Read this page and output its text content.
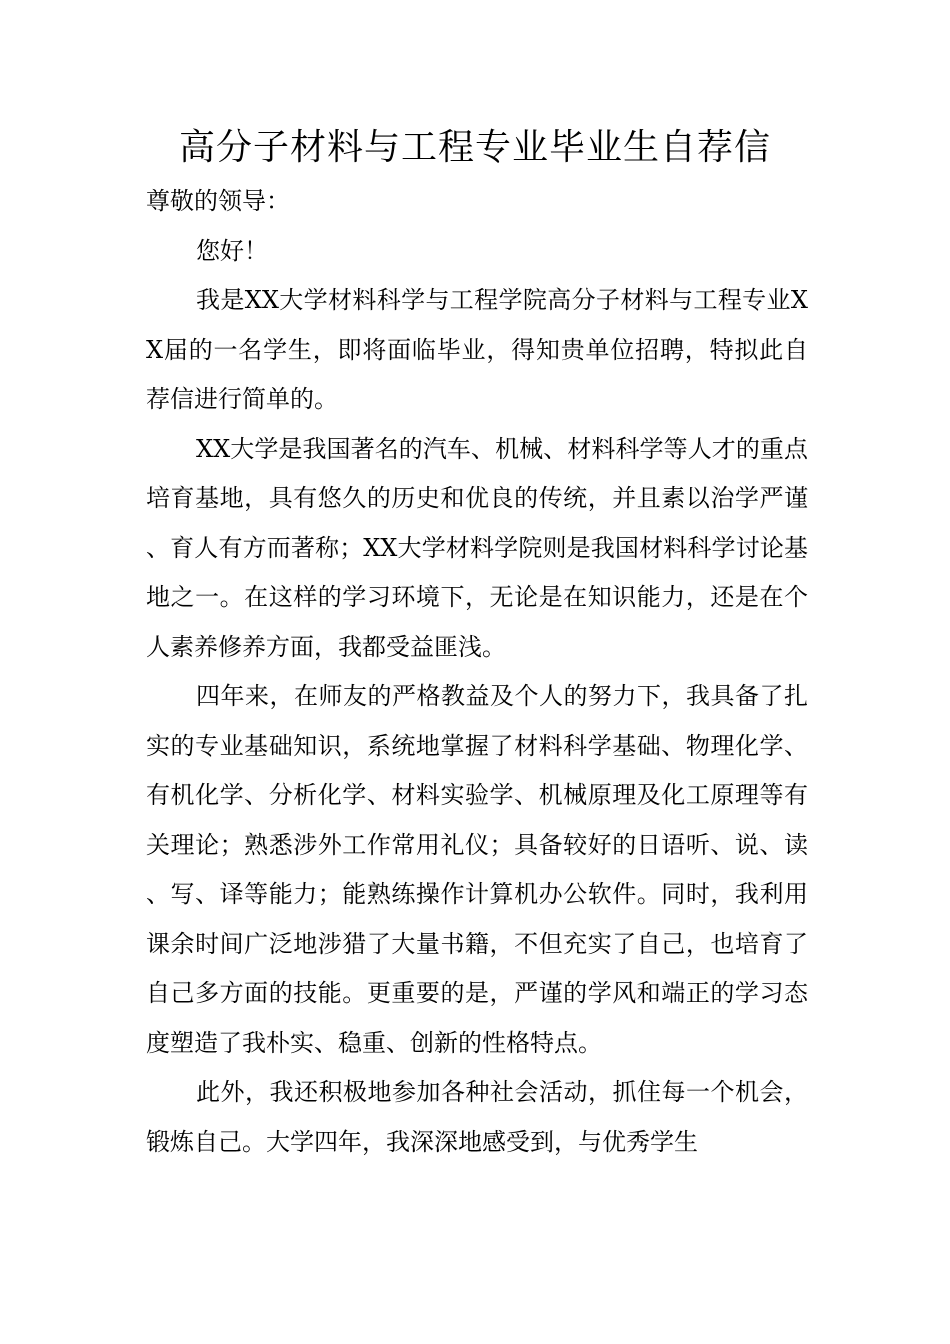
高分子材料与工程专业毕业生自荐信

尊敬的领导：

您好！

我是XX大学材料科学与工程学院高分子材料与工程专业XX届的一名学生，即将面临毕业，得知贵单位招聘，特拟此自荐信进行简单的。

XX大学是我国著名的汽车、机械、材料科学等人才的重点培育基地，具有悠久的历史和优良的传统，并且素以治学严谨、育人有方而著称；XX大学材料学院则是我国材料科学讨论基地之一。在这样的学习环境下，无论是在知识能力，还是在个人素养修养方面，我都受益匪浅。

四年来，在师友的严格教益及个人的努力下，我具备了扎实的专业基础知识，系统地掌握了材料科学基础、物理化学、有机化学、分析化学、材料实验学、机械原理及化工原理等有关理论；熟悉涉外工作常用礼仪；具备较好的日语听、说、读、写、译等能力；能熟练操作计算机办公软件。同时，我利用课余时间广泛地涉猎了大量书籍，不但充实了自己，也培育了自己多方面的技能。更重要的是，严谨的学风和端正的学习态度塑造了我朴实、稳重、创新的性格特点。

此外，我还积极地参加各种社会活动，抓住每一个机会，锻炼自己。大学四年，我深深地感受到，与优秀学生
